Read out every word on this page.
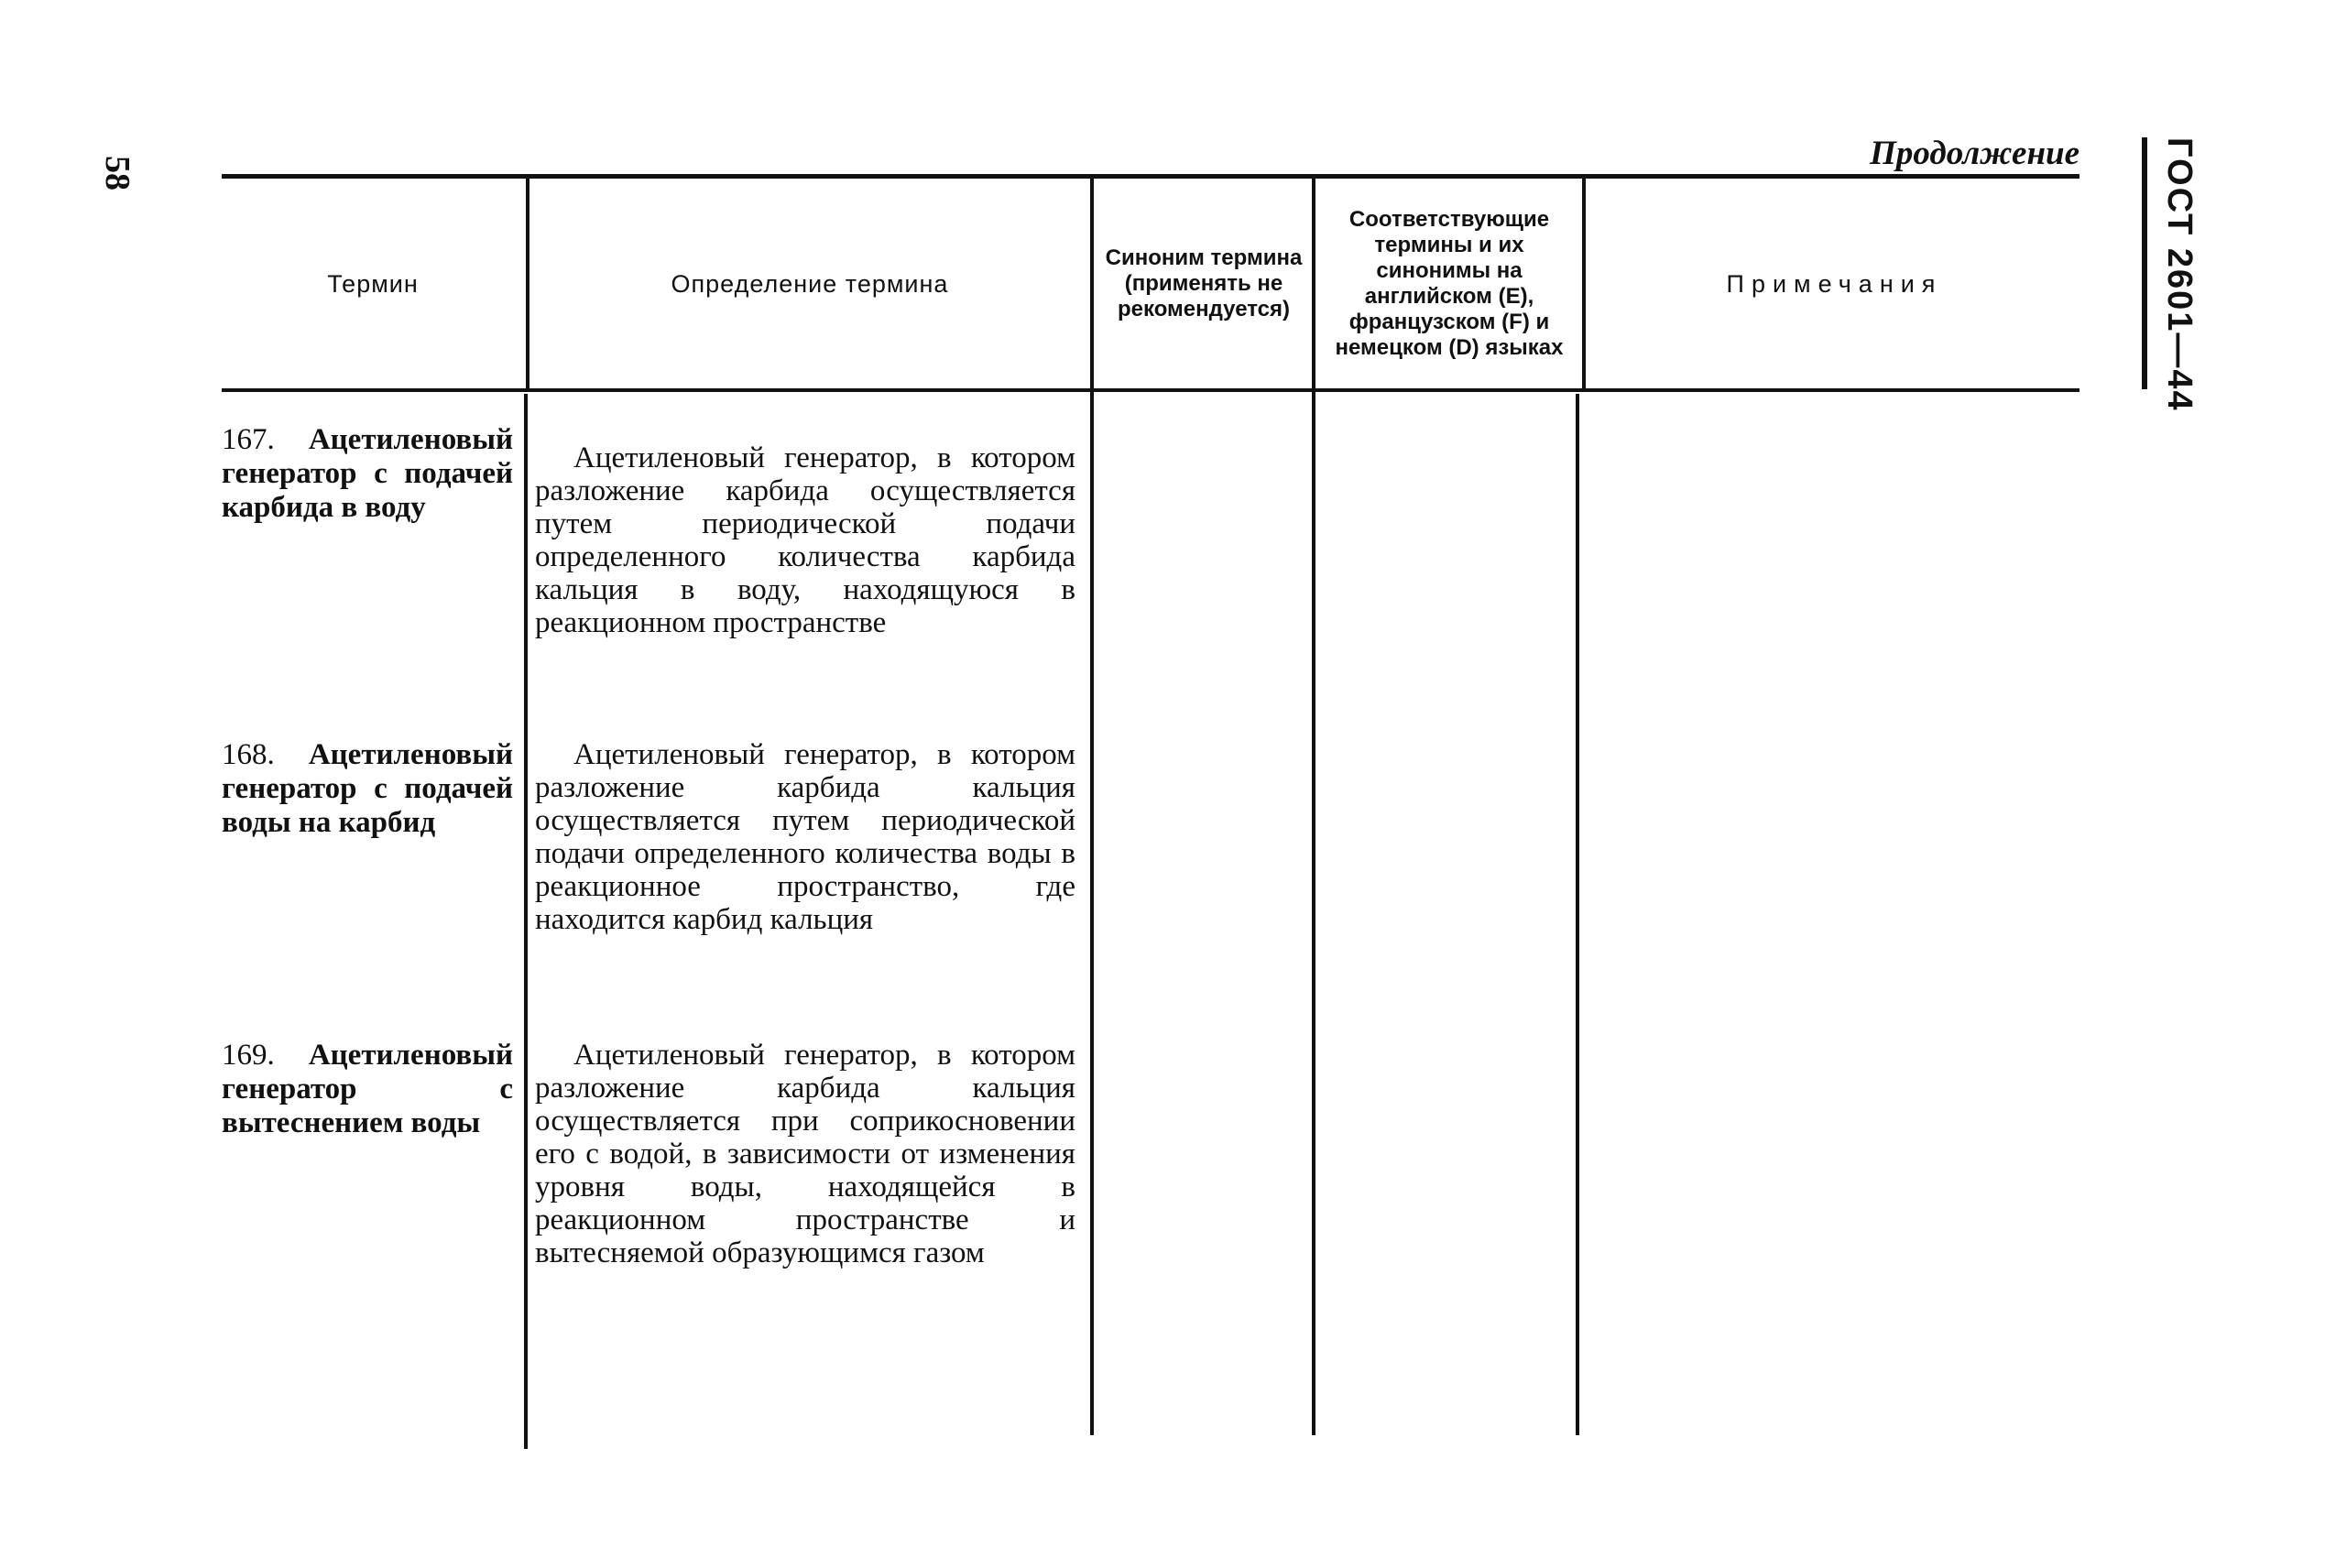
58
Продолжение ГОСТ 2601—44
Термин	Определение термина
Синоним термина (применять не рекомендуется)
Соответствующие термины и их синонимы на английском (E), французском (F) и немецком (D) языках
Примечания
167. Ацетиленовый генератор с подачей карбида в воду
Ацетиленовый генератор, в котором разложение карбида осуществляется путем периодической подачи определенного количества карбида кальция в воду, находящуюся в реакционном пространстве
168. Ацетиленовый генератор с подачей воды на карбид
Ацетиленовый генератор, в котором разложение карбида кальция осуществляется путем периодической подачи определенного количества воды в реакционное пространство, где находится карбид кальция
169. Ацетиленовый генератор с вытеснением воды
Ацетиленовый генератор, в котором разложение карбида кальция осуществляется при соприкосновении его с водой, в зависимости от изменения уровня воды, находящейся в реакционном пространстве и вытесняемой образующимся газом
